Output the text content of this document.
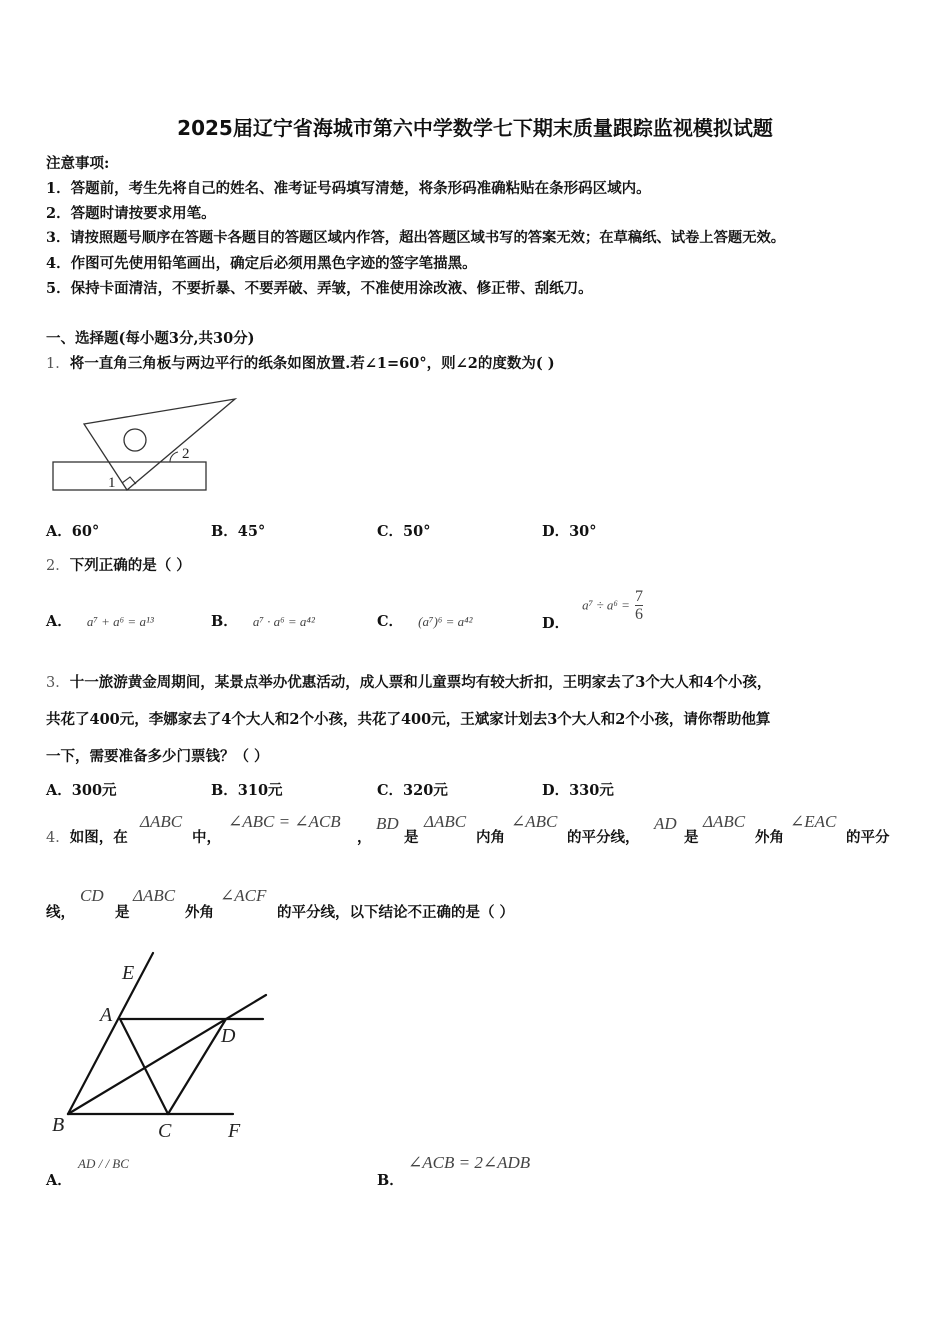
2025届辽宁省海城市第六中学数学七下期末质量跟踪监视模拟试题
注意事项:
1．答题前，考生先将自己的姓名、准考证号码填写清楚，将条形码准确粘贴在条形码区域内。
2．答题时请按要求用笔。
3．请按照题号顺序在答题卡各题目的答题区域内作答，超出答题区域书写的答案无效；在草稿纸、试卷上答题无效。
4．作图可先使用铅笔画出，确定后必须用黑色字迹的签字笔描黑。
5．保持卡面清洁，不要折暴、不要弄破、弄皱，不准使用涂改液、修正带、刮纸刀。
一、选择题(每小题3分,共30分)
1．将一直角三角板与两边平行的纸条如图放置.若∠1=60°，则∠2的度数为( )
2
1
A．60°	B．45°	C．50°	D．30°
2．下列正确的是（ ）
A． a⁷ + a⁶ = a¹³	B． a⁷ · a⁶ = a⁴²	C． (a⁷)⁶ = a⁴²	D． $a^7 \div a^6 = \frac{7}{6}$
3．十一旅游黄金周期间，某景点举办优惠活动，成人票和儿童票均有较大折扣，王明家去了3个大人和4个小孩，
共花了400元，李娜家去了4个大人和2个小孩，共花了400元，王斌家计划去3个大人和2个小孩，请你帮助他算
一下，需要准备多少门票钱？（ ）
A．300元	B．310元	C．320元	D．330元
4．如图，在
ΔABC
中，
∠ABC = ∠ACB
，
BD
是
ΔABC
内角
∠ABC
的平分线，
AD
是
ΔABC
外角
∠EAC
的平分
线，
CD
是
ΔABC
外角
∠ACF
的平分线，以下结论不正确的是（ ）
E
A
D
B	C	F
A．
AD / / BC
B．
∠ACB = 2∠ADB
